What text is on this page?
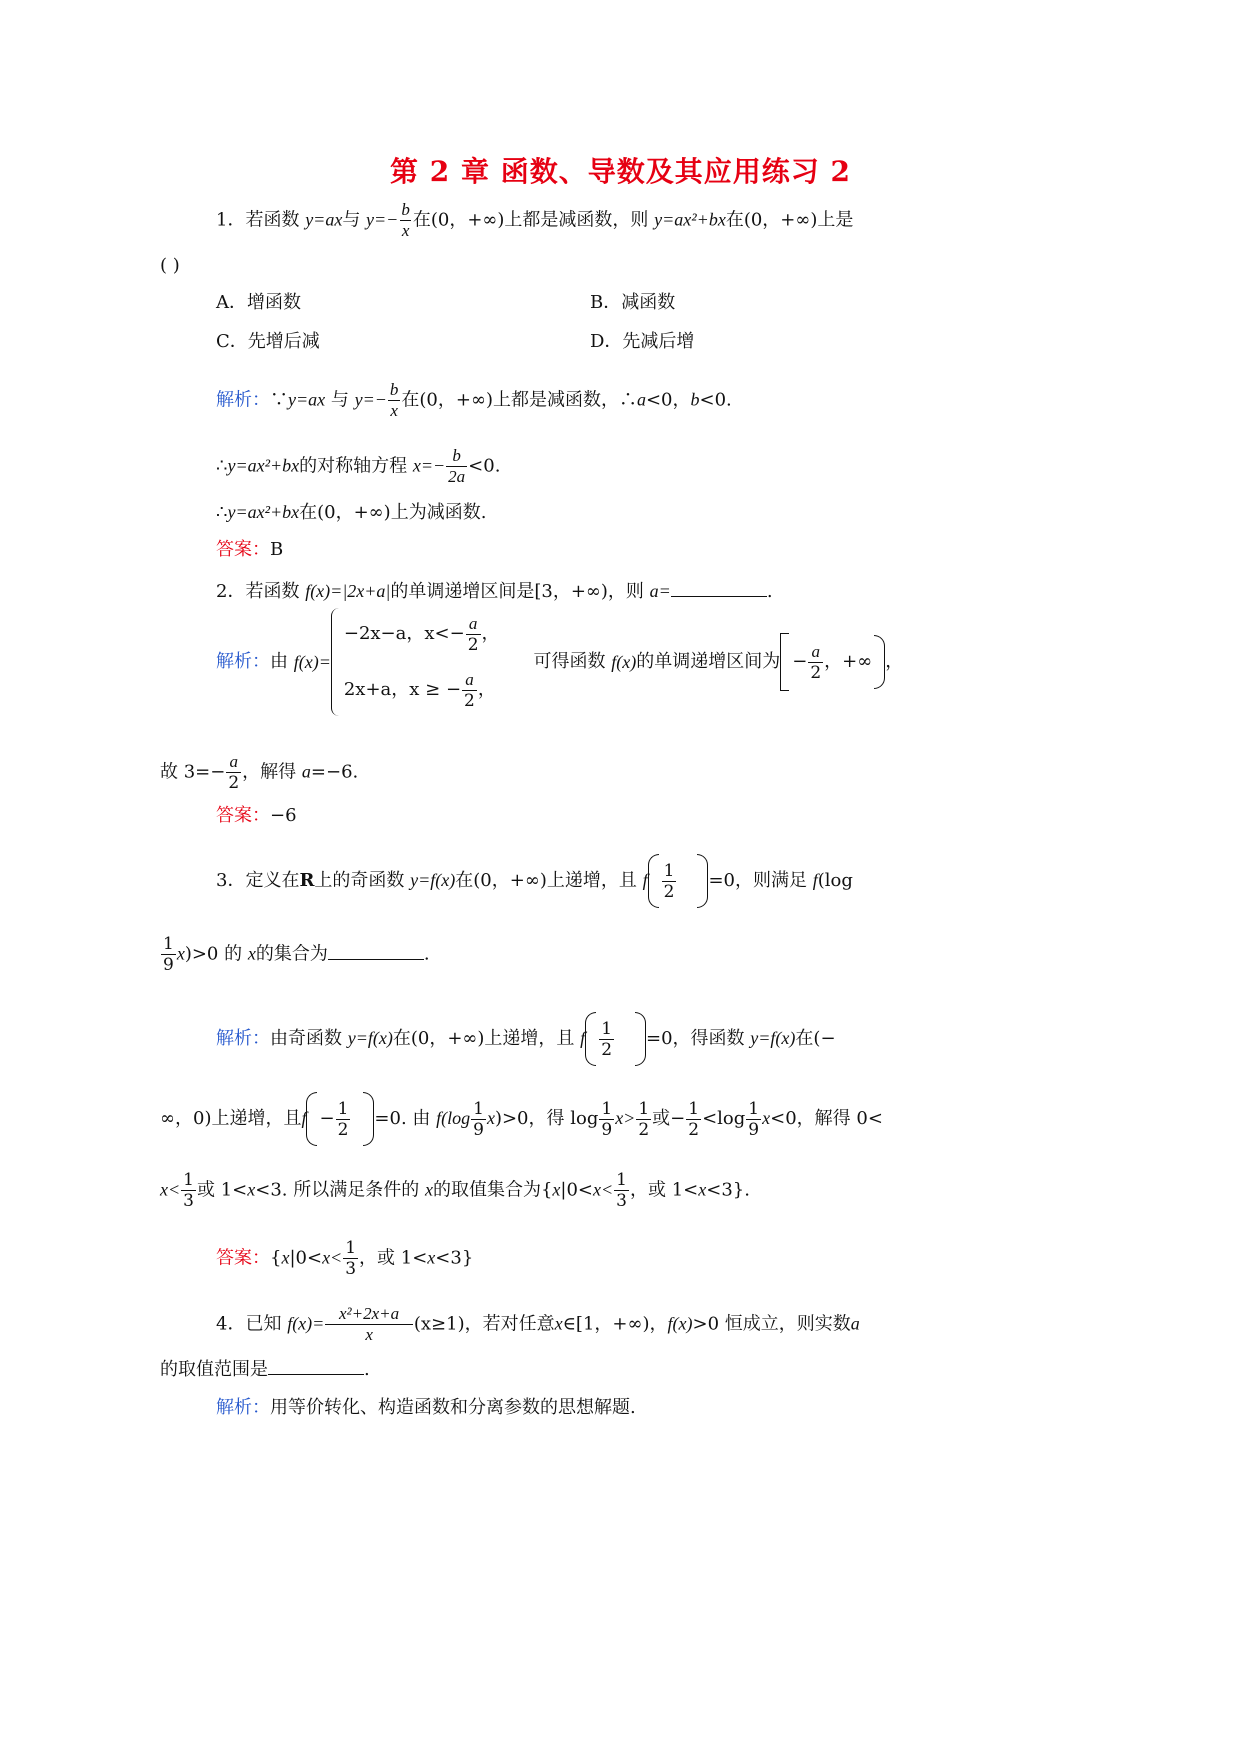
第 2 章 函数、导数及其应用练习 2
1．若函数 y=ax与 $y=- \frac{b}{x}$ 在(0，+∞)上都是减函数，则 y=ax²+bx在(0，+∞)上是
( )
A．增函数	B．减函数
C．先增后减	D．先减后增
解析：∵y=ax 与 $y=- \frac{b}{x}$ 在(0，+∞)上都是减函数，∴a<0，b<0.
∴y=ax²+bx的对称轴方程 $x=- \frac{b}{2a} <0$.
∴y=ax²+bx在(0，+∞)上为减函数.
答案：B
2．若函数 f(x)=|2x+a|的单调递增区间是[3，+∞)，则 a=	.
解析： 由
f(x)=
−2x−a，$x<- \frac{a}{2}$ ，
2x+a，x ≥ − $\frac{a}{2}$ ，
可得函数
f(x) 的单调递增区间为 − $\frac{a}{2}$ ，+∞ ，
故 $3=- \frac{a}{2}$ ，解得 a=−6.
答案：−6
3．定义在R上的奇函数 y=f(x)在(0，+∞)上递增，且 f $\frac{1}{2} =0$，则满足 f(log
$\frac{1}{9} x)>0$ 的 x的集合为	.
解析：由奇函数 y=f(x)在(0，+∞)上递增，且 f $\frac{1}{2} =0$，得函数 y=f(x)在(−
∞，0)上递增，且$f - \frac{1}{2} =0$. 由 $f(\log \frac{1}{9} x)>0$，得 $\log \frac{1}{9} x> \frac{1}{2}$ 或− $\frac{1}{2} <\log \frac{1}{9} x<0$，解得 0<
$x< \frac{1}{3}$ 或 1<x<3. 所以满足条件的 x的取值集合为{$x|0<x< \frac{1}{3}$ ，或 1<x<3}.
答案：{$x|0<x< \frac{1}{3}$ ，或 1<x<3}
4．已知 $f(x)= \frac{\text{x²+2x+a}}{x} (x\ge 1)$，若对任意x∈[1，+∞)，f(x)>0 恒成立，则实数a
的取值范围是	.
解析：用等价转化、构造函数和分离参数的思想解题.
